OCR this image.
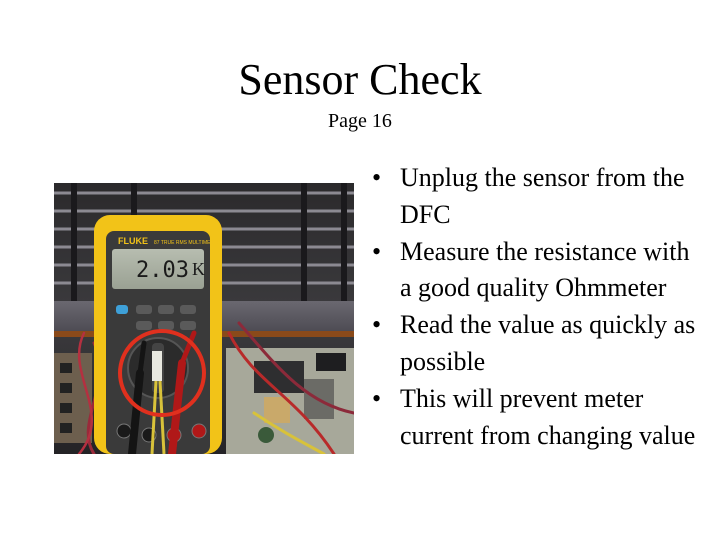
Sensor Check
Page 16
FLUKE 87 TRUE RMS MULTIMETER
2.03 K
• Unplug the sensor from the DFC
• Measure the resistance with a good quality Ohmmeter
• Read the value as quickly as possible
• This will prevent meter current from changing value
